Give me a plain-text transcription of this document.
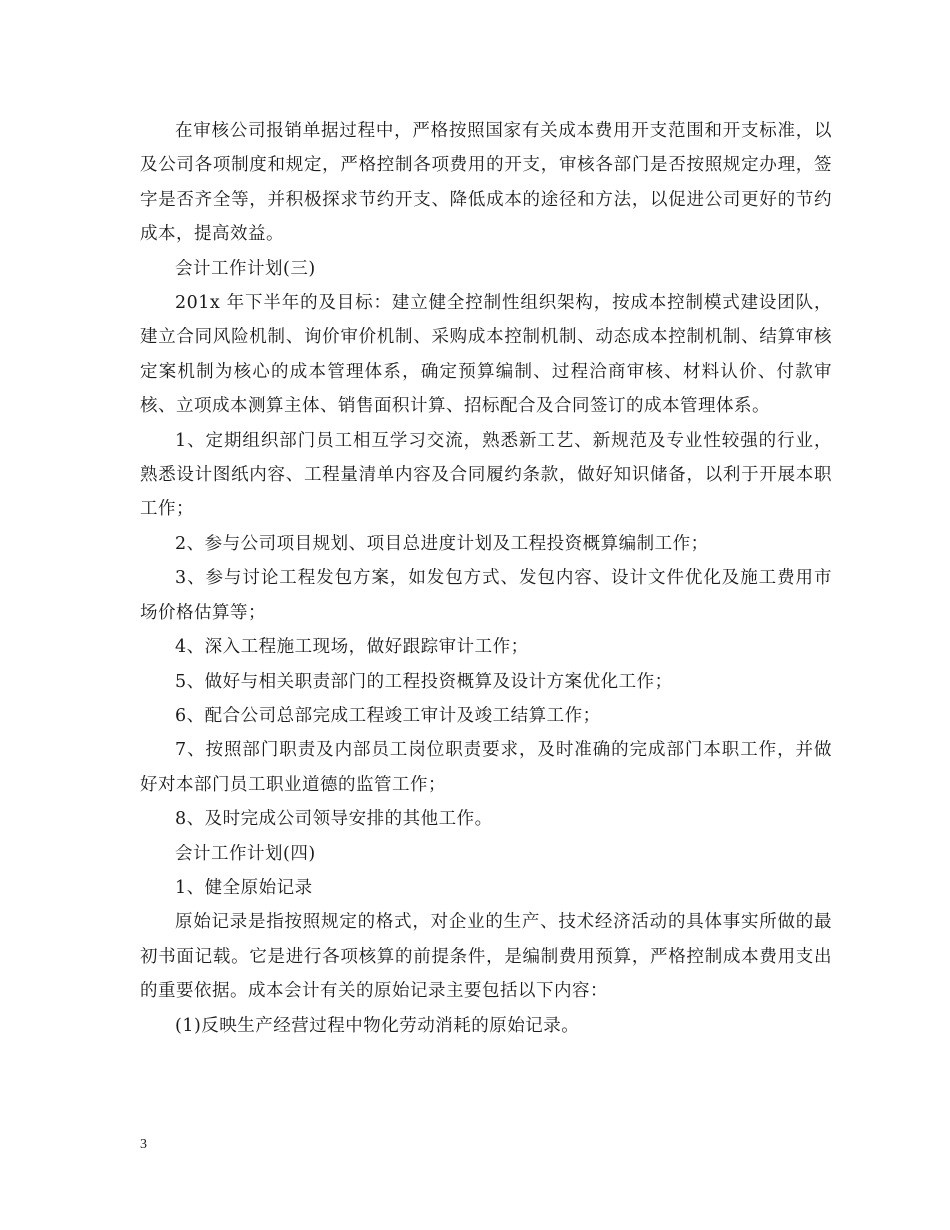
在审核公司报销单据过程中，严格按照国家有关成本费用开支范围和开支标准，以及公司各项制度和规定，严格控制各项费用的开支，审核各部门是否按照规定办理，签字是否齐全等，并积极探求节约开支、降低成本的途径和方法，以促进公司更好的节约成本，提高效益。

会计工作计划(三)

201x 年下半年的及目标：建立健全控制性组织架构，按成本控制模式建设团队，建立合同风险机制、询价审价机制、采购成本控制机制、动态成本控制机制、结算审核定案机制为核心的成本管理体系，确定预算编制、过程洽商审核、材料认价、付款审核、立项成本测算主体、销售面积计算、招标配合及合同签订的成本管理体系。

1、定期组织部门员工相互学习交流，熟悉新工艺、新规范及专业性较强的行业，熟悉设计图纸内容、工程量清单内容及合同履约条款，做好知识储备，以利于开展本职工作；

2、参与公司项目规划、项目总进度计划及工程投资概算编制工作；

3、参与讨论工程发包方案，如发包方式、发包内容、设计文件优化及施工费用市场价格估算等；

4、深入工程施工现场，做好跟踪审计工作；

5、做好与相关职责部门的工程投资概算及设计方案优化工作；

6、配合公司总部完成工程竣工审计及竣工结算工作；

7、按照部门职责及内部员工岗位职责要求，及时准确的完成部门本职工作，并做好对本部门员工职业道德的监管工作；

8、及时完成公司领导安排的其他工作。

会计工作计划(四)

1、健全原始记录

原始记录是指按照规定的格式，对企业的生产、技术经济活动的具体事实所做的最初书面记载。它是进行各项核算的前提条件，是编制费用预算，严格控制成本费用支出的重要依据。成本会计有关的原始记录主要包括以下内容：

(1)反映生产经营过程中物化劳动消耗的原始记录。

3
